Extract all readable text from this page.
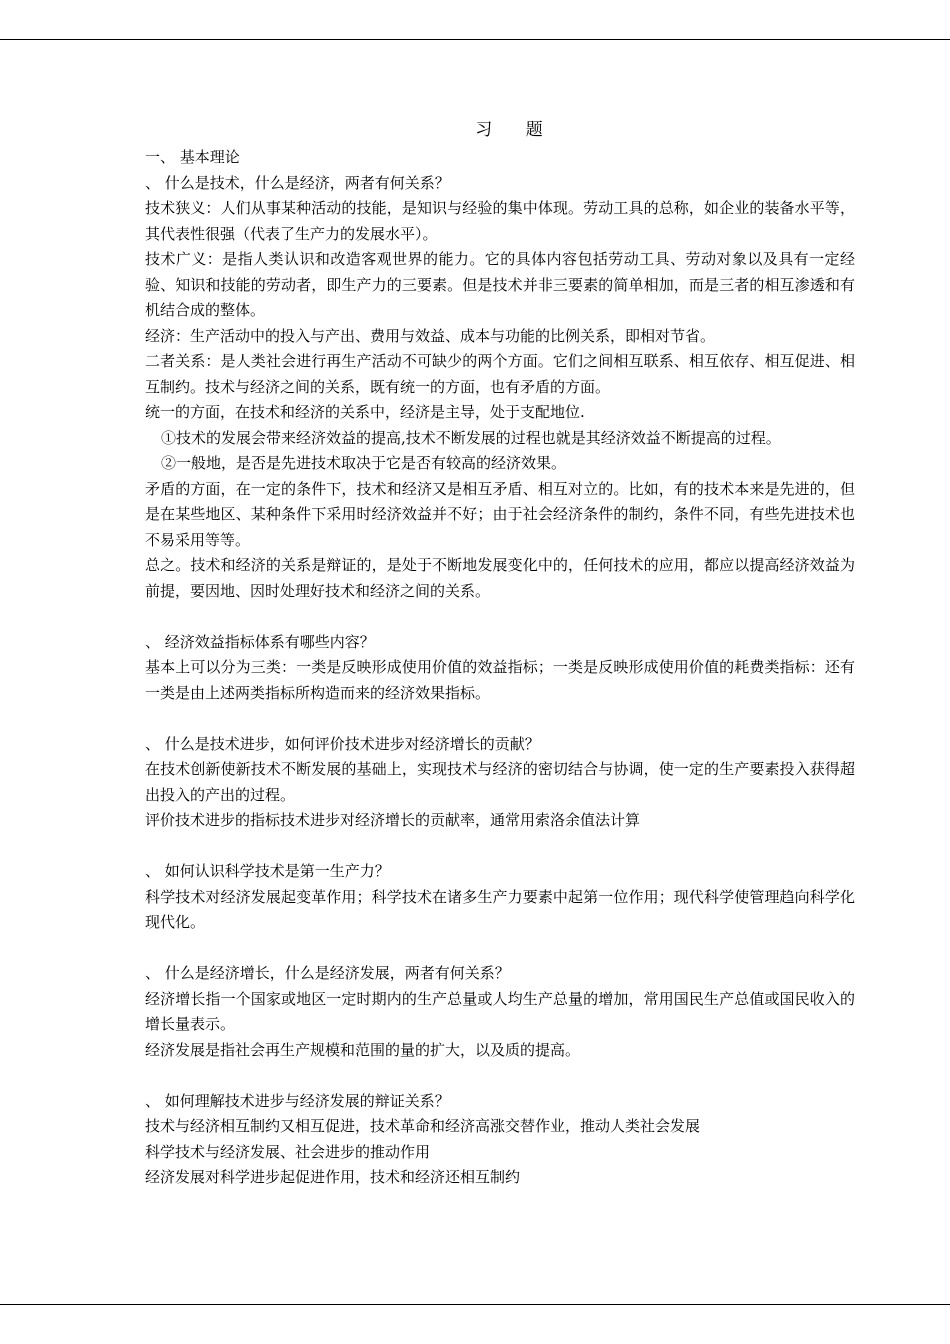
习 题

一、 基本理论

、 什么是技术，什么是经济，两者有何关系？

技术狭义：人们从事某种活动的技能，是知识与经验的集中体现。劳动工具的总称，如企业的装备水平等，其代表性很强（代表了生产力的发展水平）。

技术广义：是指人类认识和改造客观世界的能力。它的具体内容包括劳动工具、劳动对象以及具有一定经验、知识和技能的劳动者，即生产力的三要素。但是技术并非三要素的简单相加，而是三者的相互渗透和有机结合成的整体。

经济：生产活动中的投入与产出、费用与效益、成本与功能的比例关系，即相对节省。

二者关系：是人类社会进行再生产活动不可缺少的两个方面。它们之间相互联系、相互依存、相互促进、相互制约。技术与经济之间的关系，既有统一的方面，也有矛盾的方面。

统一的方面，在技术和经济的关系中，经济是主导，处于支配地位.

①技术的发展会带来经济效益的提高,技术不断发展的过程也就是其经济效益不断提高的过程。

②一般地，是否是先进技术取决于它是否有较高的经济效果。

矛盾的方面，在一定的条件下，技术和经济又是相互矛盾、相互对立的。比如，有的技术本来是先进的，但是在某些地区、某种条件下采用时经济效益并不好；由于社会经济条件的制约，条件不同，有些先进技术也不易采用等等。

总之。技术和经济的关系是辩证的，是处于不断地发展变化中的，任何技术的应用，都应以提高经济效益为前提，要因地、因时处理好技术和经济之间的关系。

、 经济效益指标体系有哪些内容？

基本上可以分为三类：一类是反映形成使用价值的效益指标；一类是反映形成使用价值的耗费类指标：还有一类是由上述两类指标所构造而来的经济效果指标。

、 什么是技术进步，如何评价技术进步对经济增长的贡献？

在技术创新使新技术不断发展的基础上，实现技术与经济的密切结合与协调，使一定的生产要素投入获得超出投入的产出的过程。

评价技术进步的指标技术进步对经济增长的贡献率，通常用索洛余值法计算

、 如何认识科学技术是第一生产力？

科学技术对经济发展起变革作用；科学技术在诸多生产力要素中起第一位作用；现代科学使管理趋向科学化现代化。

、 什么是经济增长，什么是经济发展，两者有何关系？

经济增长指一个国家或地区一定时期内的生产总量或人均生产总量的增加，常用国民生产总值或国民收入的增长量表示。

经济发展是指社会再生产规模和范围的量的扩大，以及质的提高。

、 如何理解技术进步与经济发展的辩证关系？

技术与经济相互制约又相互促进，技术革命和经济高涨交替作业，推动人类社会发展

科学技术与经济发展、社会进步的推动作用

经济发展对科学进步起促进作用，技术和经济还相互制约
